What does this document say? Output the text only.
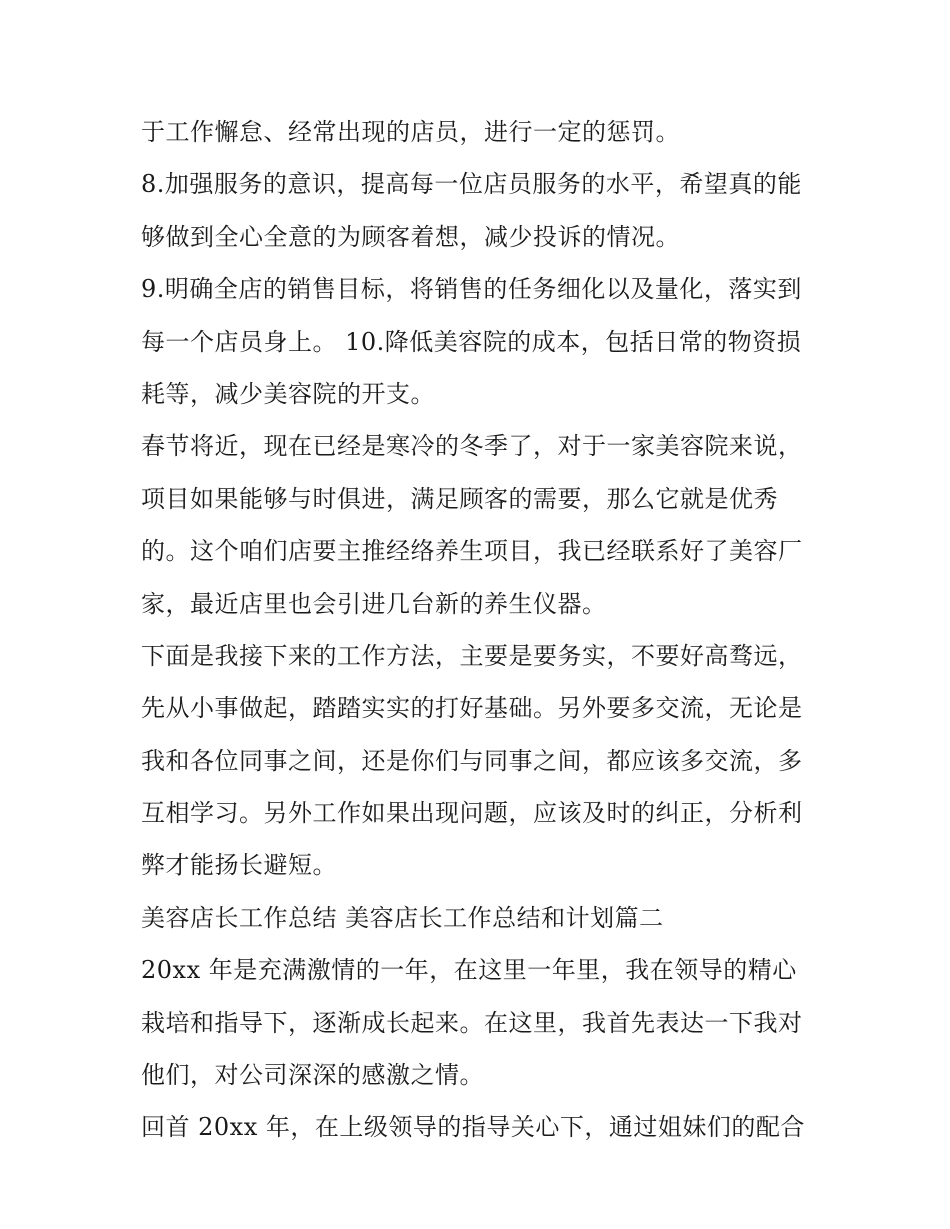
于工作懈怠、经常出现的店员，进行一定的惩罚。
8.加强服务的意识，提高每一位店员服务的水平，希望真的能
够做到全心全意的为顾客着想，减少投诉的情况。
9.明确全店的销售目标，将销售的任务细化以及量化，落实到
每一个店员身上。 10.降低美容院的成本，包括日常的物资损
耗等，减少美容院的开支。
春节将近，现在已经是寒冷的冬季了，对于一家美容院来说，
项目如果能够与时俱进，满足顾客的需要，那么它就是优秀
的。这个咱们店要主推经络养生项目，我已经联系好了美容厂
家，最近店里也会引进几台新的养生仪器。
下面是我接下来的工作方法，主要是要务实，不要好高骛远，
先从小事做起，踏踏实实的打好基础。另外要多交流，无论是
我和各位同事之间，还是你们与同事之间，都应该多交流，多
互相学习。另外工作如果出现问题，应该及时的纠正，分析利
弊才能扬长避短。
美容店长工作总结 美容店长工作总结和计划篇二
20xx 年是充满激情的一年，在这里一年里，我在领导的精心
栽培和指导下，逐渐成长起来。在这里，我首先表达一下我对
他们，对公司深深的感激之情。
回首 20xx 年，在上级领导的指导关心下，通过姐妹们的配合
